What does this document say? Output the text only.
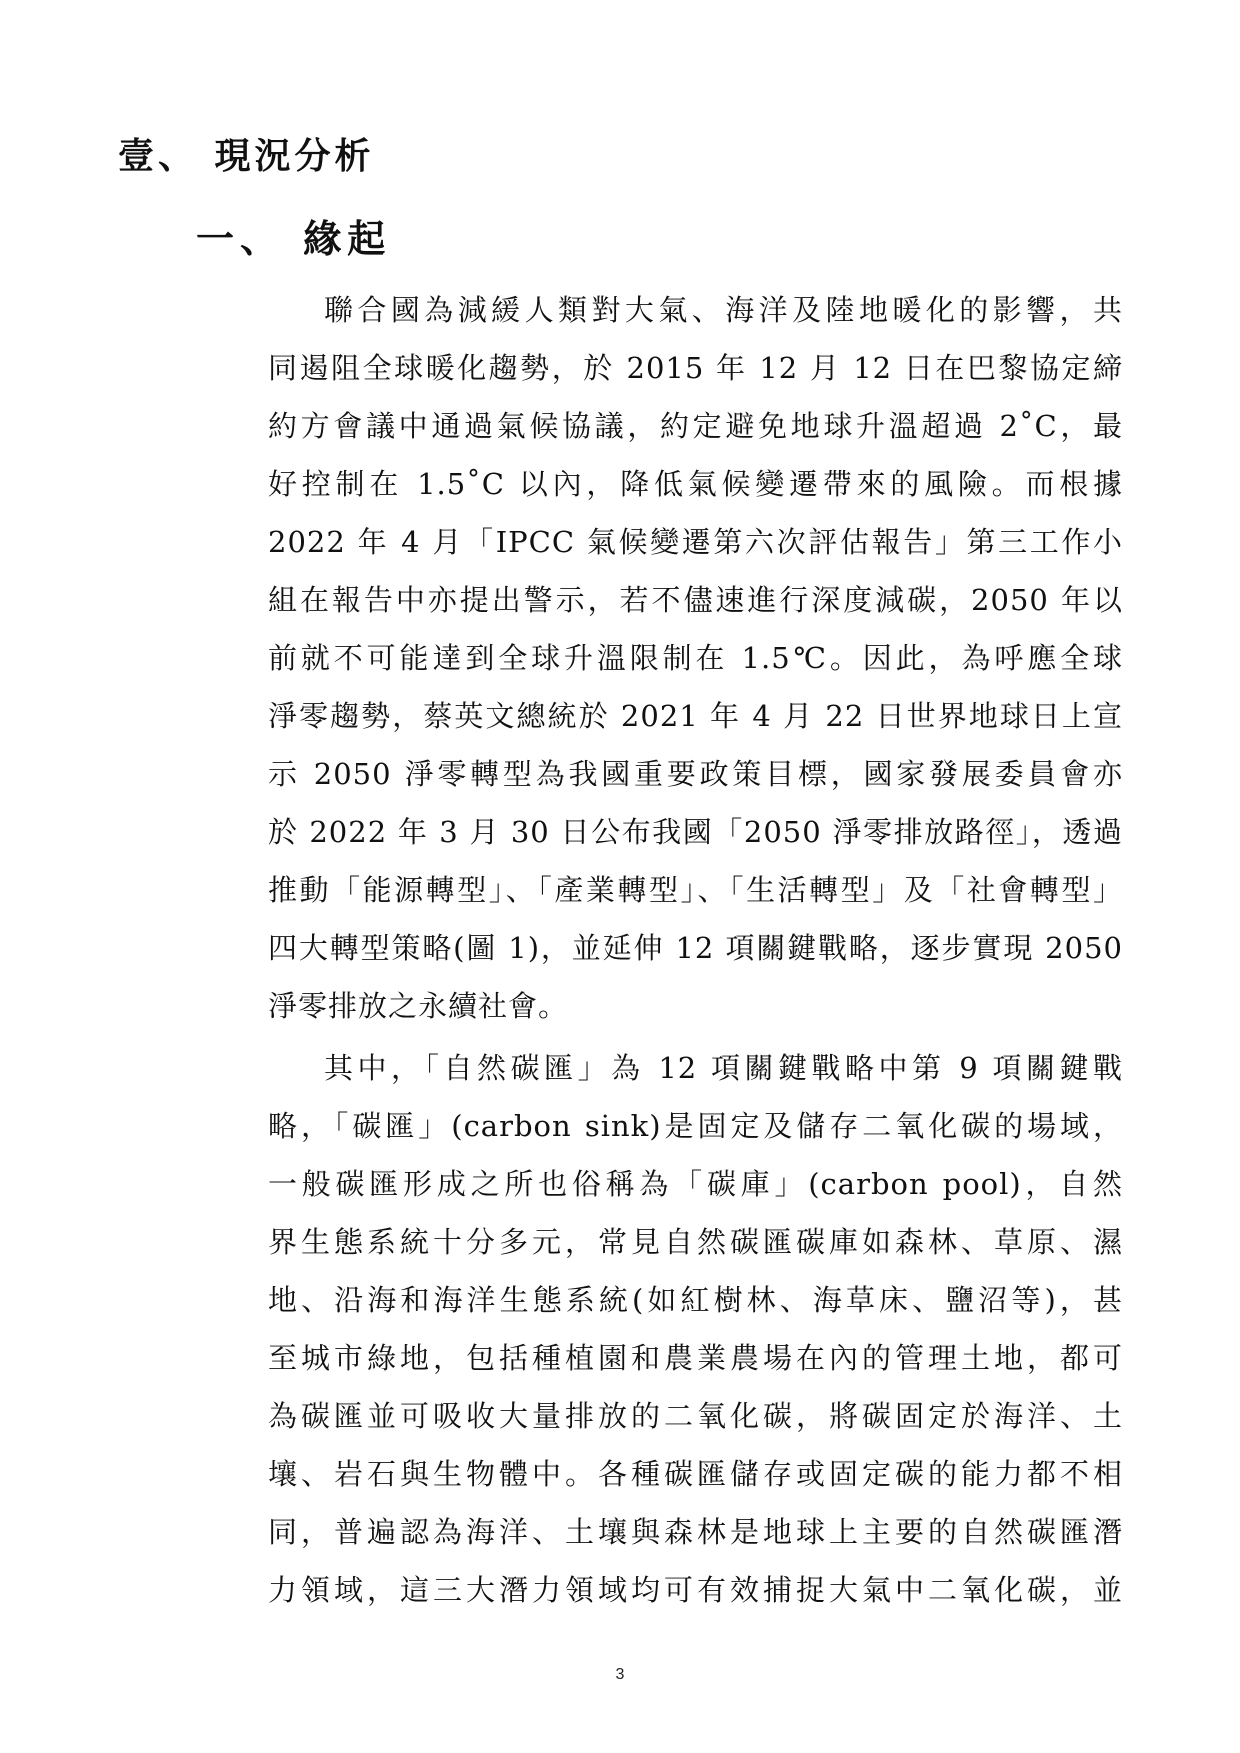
壹、 現況分析
一、 緣起
聯合國為減緩人類對大氣、海洋及陸地暖化的影響，共
同遏阻全球暖化趨勢，於 2015 年 12 月 12 日在巴黎協定締
約方會議中通過氣候協議，約定避免地球升溫超過 2˚C，最
好控制在 1.5˚C 以內，降低氣候變遷帶來的風險。而根據
2022 年 4 月「IPCC 氣候變遷第六次評估報告」第三工作小
組在報告中亦提出警示，若不儘速進行深度減碳，2050 年以
前就不可能達到全球升溫限制在 1.5℃。因此，為呼應全球
淨零趨勢，蔡英文總統於 2021 年 4 月 22 日世界地球日上宣
示 2050 淨零轉型為我國重要政策目標，國家發展委員會亦
於 2022 年 3 月 30 日公布我國「2050 淨零排放路徑」，透過
推動「能源轉型」、「產業轉型」、「生活轉型」及「社會轉型」
四大轉型策略(圖 1)，並延伸 12 項關鍵戰略，逐步實現 2050
淨零排放之永續社會。
其中，「自然碳匯」為 12 項關鍵戰略中第 9 項關鍵戰
略，「碳匯」(carbon sink)是固定及儲存二氧化碳的場域，
一般碳匯形成之所也俗稱為「碳庫」(carbon pool)，自然
界生態系統十分多元，常見自然碳匯碳庫如森林、草原、濕
地、沿海和海洋生態系統(如紅樹林、海草床、鹽沼等)，甚
至城市綠地，包括種植園和農業農場在內的管理土地，都可
為碳匯並可吸收大量排放的二氧化碳，將碳固定於海洋、土
壤、岩石與生物體中。各種碳匯儲存或固定碳的能力都不相
同，普遍認為海洋、土壤與森林是地球上主要的自然碳匯潛
力領域，這三大潛力領域均可有效捕捉大氣中二氧化碳，並
3
